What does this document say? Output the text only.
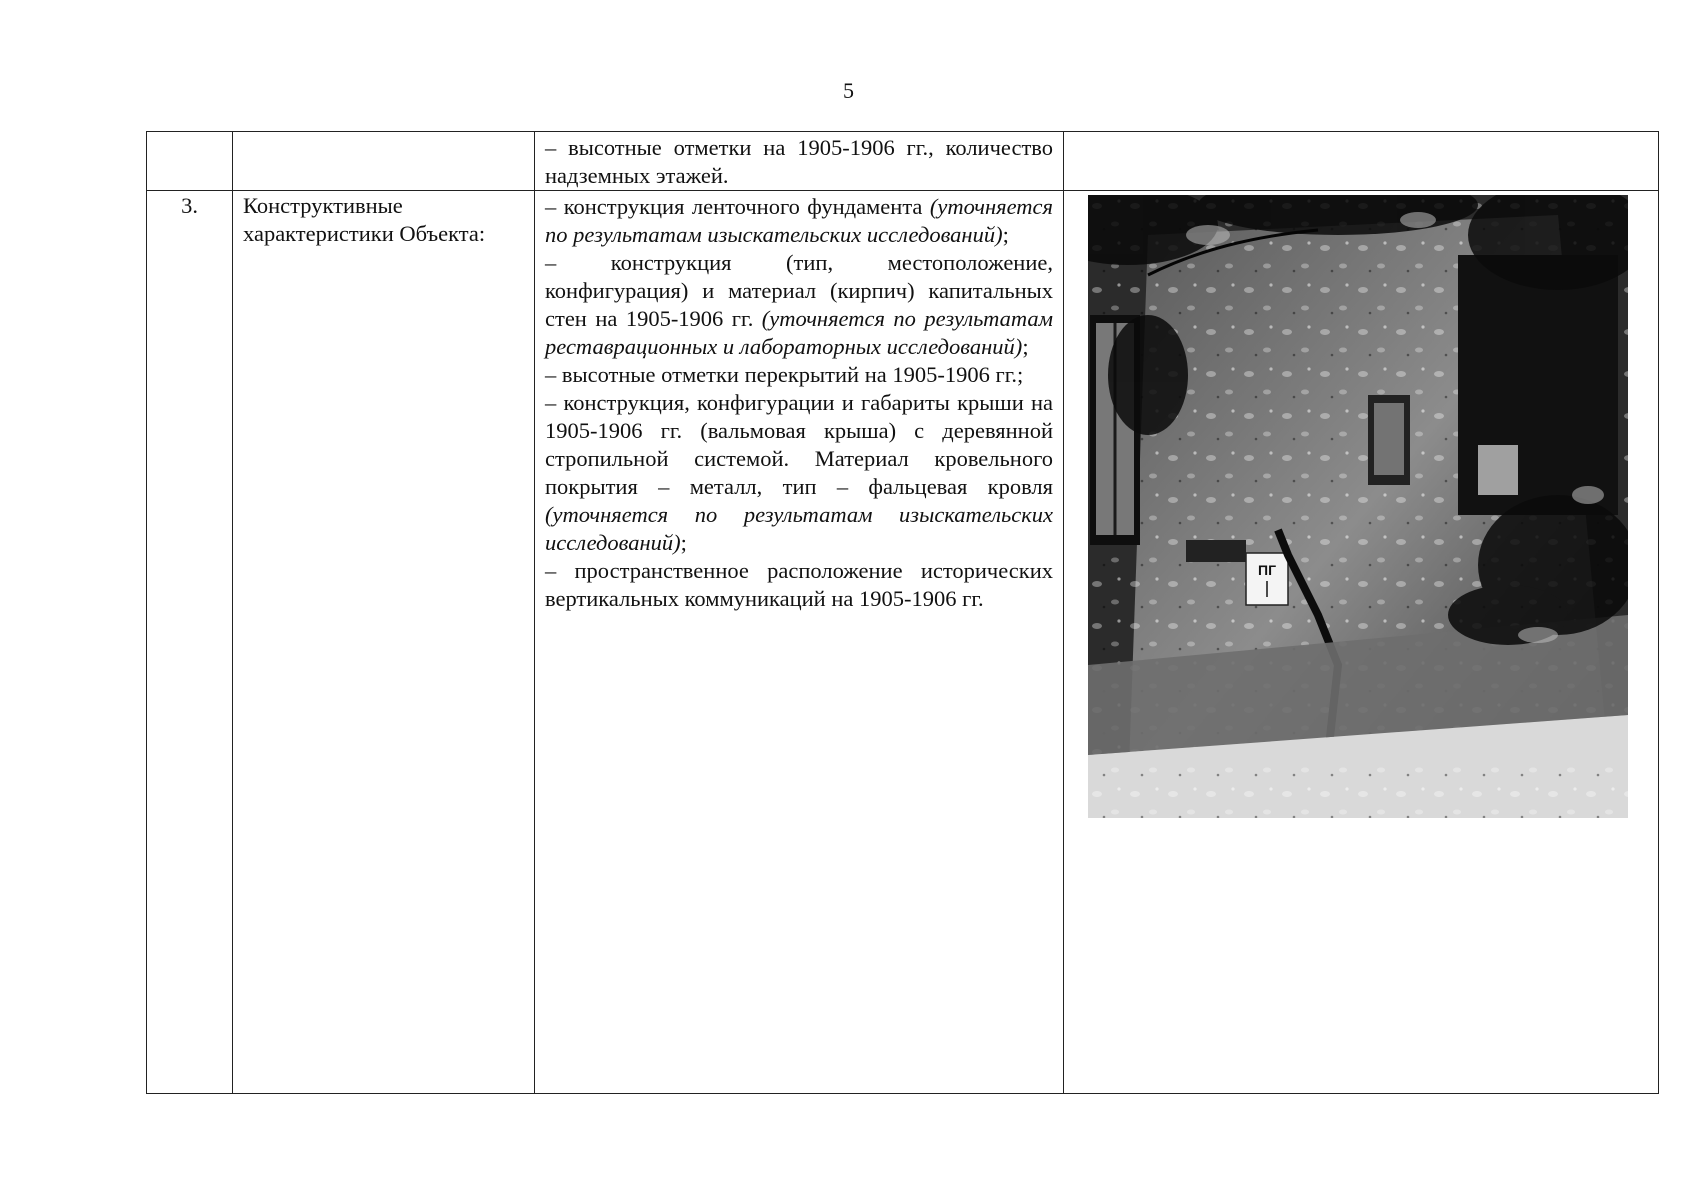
5

		– высотные отметки на 1905-1906 гг., количество надземных этажей.	

3.	Конструктивные характеристики Объекта:	– конструкция ленточного фундамента (уточняется по результатам изыскательских исследований);

– конструкция (тип, местоположение, конфигурация) и материал (кирпич) капитальных стен на 1905-1906 гг. (уточняется по результатам реставрационных и лабораторных исследований);

– высотные отметки перекрытий на 1905-1906 гг.;

– конструкция, конфигурации и габариты крыши на 1905-1906 гг. (вальмовая крыша) с деревянной стропильной системой. Материал кровельного покрытия – металл, тип – фальцевая кровля (уточняется по результатам изыскательских исследований);

– пространственное расположение исторических вертикальных коммуникаций на 1905-1906 гг.	ПГ
